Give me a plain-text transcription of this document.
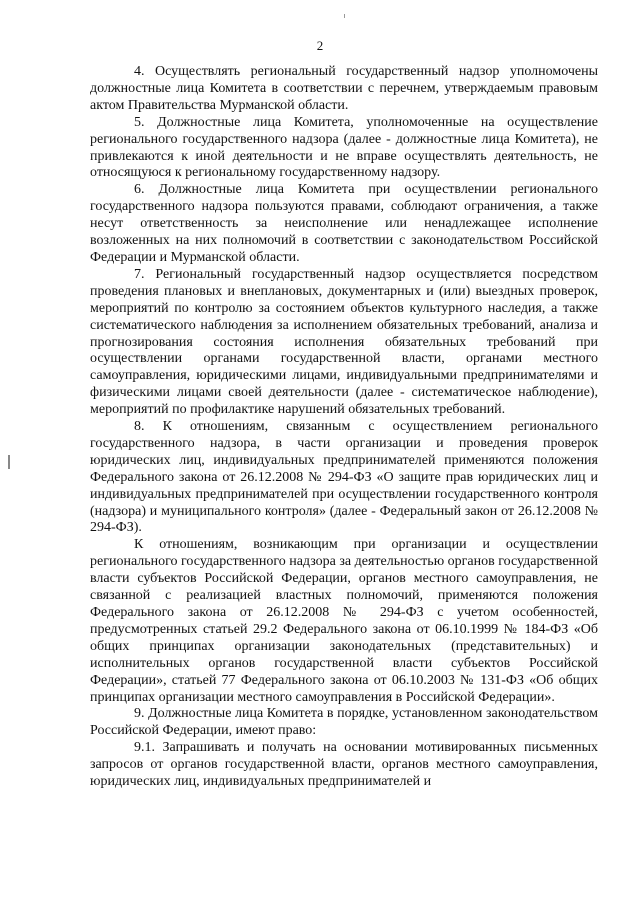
2

4. Осуществлять региональный государственный надзор уполномочены должностные лица Комитета в соответствии с перечнем, утверждаемым правовым актом Правительства Мурманской области.

5. Должностные лица Комитета, уполномоченные на осуществление регионального государственного надзора (далее - должностные лица Комитета), не привлекаются к иной деятельности и не вправе осуществлять деятельность, не относящуюся к региональному государственному надзору.

6. Должностные лица Комитета при осуществлении регионального государственного надзора пользуются правами, соблюдают ограничения, а также несут ответственность за неисполнение или ненадлежащее исполнение возложенных на них полномочий в соответствии с законодательством Российской Федерации и Мурманской области.

7. Региональный государственный надзор осуществляется посредством проведения плановых и внеплановых, документарных и (или) выездных проверок, мероприятий по контролю за состоянием объектов культурного наследия, а также систематического наблюдения за исполнением обязательных требований, анализа и прогнозирования состояния исполнения обязательных требований при осуществлении органами государственной власти, органами местного самоуправления, юридическими лицами, индивидуальными предпринимателями и физическими лицами своей деятельности (далее - систематическое наблюдение), мероприятий по профилактике нарушений обязательных требований.

8. К отношениям, связанным с осуществлением регионального государственного надзора, в части организации и проведения проверок юридических лиц, индивидуальных предпринимателей применяются положения Федерального закона от 26.12.2008 № 294-ФЗ «О защите прав юридических лиц и индивидуальных предпринимателей при осуществлении государственного контроля (надзора) и муниципального контроля» (далее - Федеральный закон от 26.12.2008 № 294-ФЗ).

К отношениям, возникающим при организации и осуществлении регионального государственного надзора за деятельностью органов государственной власти субъектов Российской Федерации, органов местного самоуправления, не связанной с реализацией властных полномочий, применяются положения Федерального закона от 26.12.2008 № 294-ФЗ с учетом особенностей, предусмотренных статьей 29.2 Федерального закона от 06.10.1999 № 184-ФЗ «Об общих принципах организации законодательных (представительных) и исполнительных органов государственной власти субъектов Российской Федерации», статьей 77 Федерального закона от 06.10.2003 № 131-ФЗ «Об общих принципах организации местного самоуправления в Российской Федерации».

9. Должностные лица Комитета в порядке, установленном законодательством Российской Федерации, имеют право:

9.1. Запрашивать и получать на основании мотивированных письменных запросов от органов государственной власти, органов местного самоуправления, юридических лиц, индивидуальных предпринимателей и
